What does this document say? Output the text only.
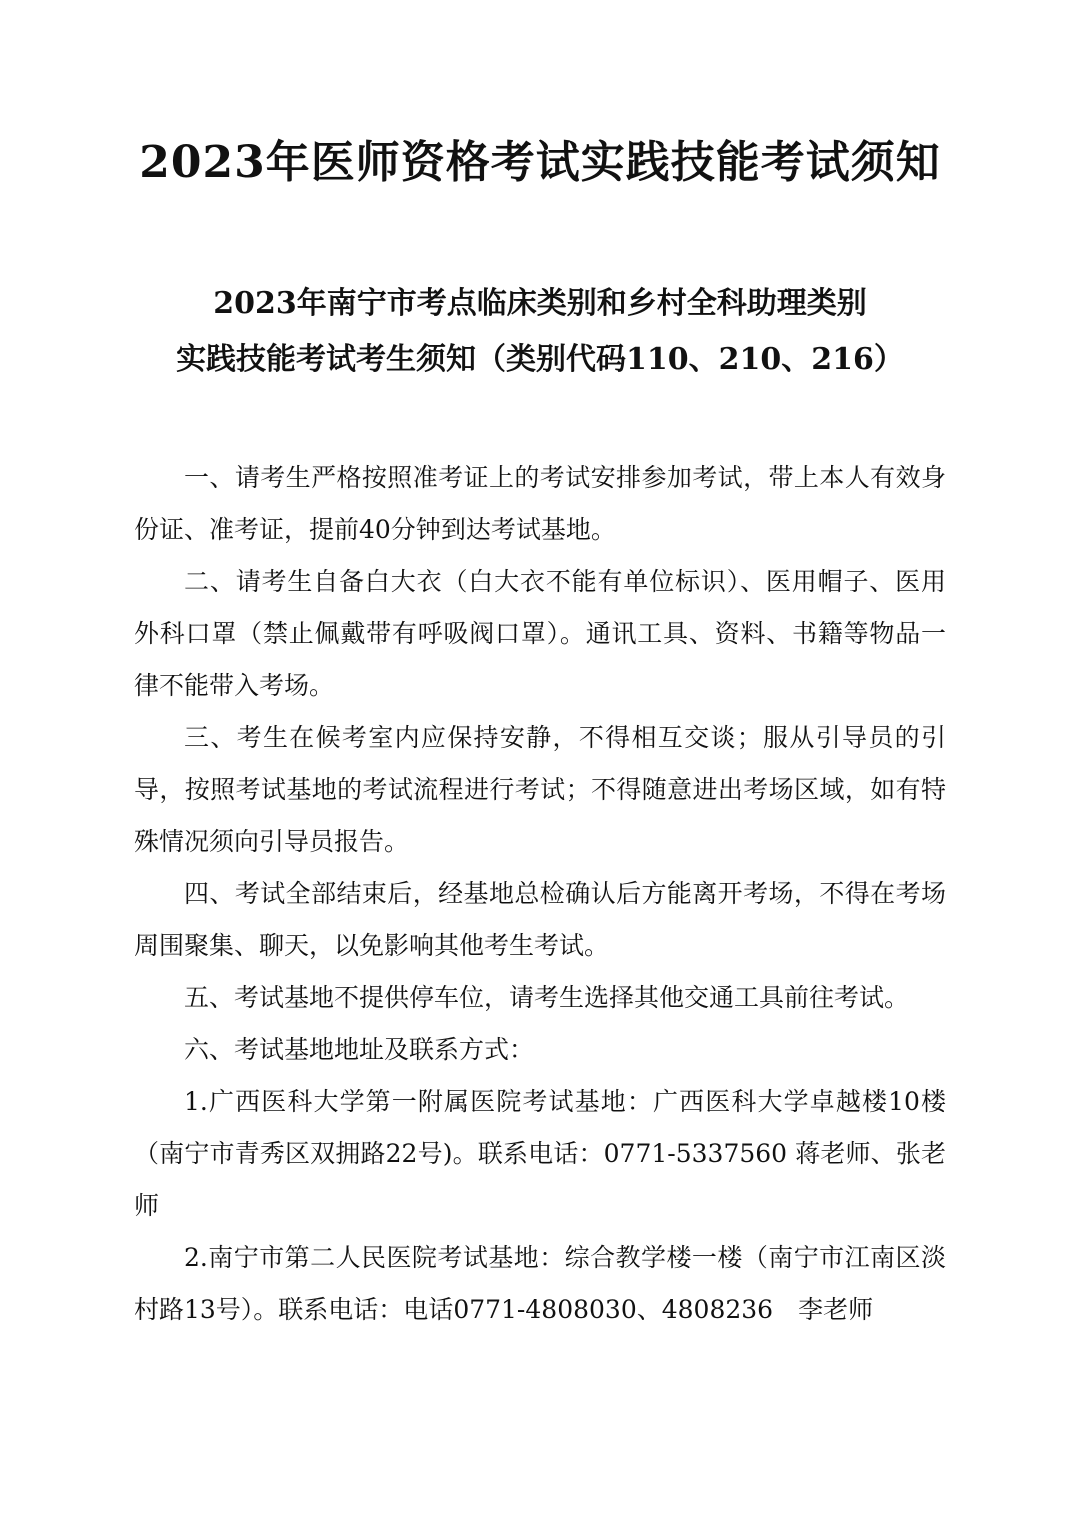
2023年医师资格考试实践技能考试须知
2023年南宁市考点临床类别和乡村全科助理类别
实践技能考试考生须知（类别代码110、210、216）

一、请考生严格按照准考证上的考试安排参加考试，带上本人有效身份证、准考证，提前40分钟到达考试基地。

二、请考生自备白大衣（白大衣不能有单位标识）、医用帽子、医用外科口罩（禁止佩戴带有呼吸阀口罩）。通讯工具、资料、书籍等物品一律不能带入考场。

三、考生在候考室内应保持安静，不得相互交谈；服从引导员的引导，按照考试基地的考试流程进行考试；不得随意进出考场区域，如有特殊情况须向引导员报告。

四、考试全部结束后，经基地总检确认后方能离开考场，不得在考场周围聚集、聊天，以免影响其他考生考试。

五、考试基地不提供停车位，请考生选择其他交通工具前往考试。

六、考试基地地址及联系方式：

1.广西医科大学第一附属医院考试基地：广西医科大学卓越楼10楼（南宁市青秀区双拥路22号)。联系电话：0771-5337560 蒋老师、张老师

2.南宁市第二人民医院考试基地：综合教学楼一楼（南宁市江南区淡村路13号）。联系电话：电话0771-4808030、4808236　李老师
